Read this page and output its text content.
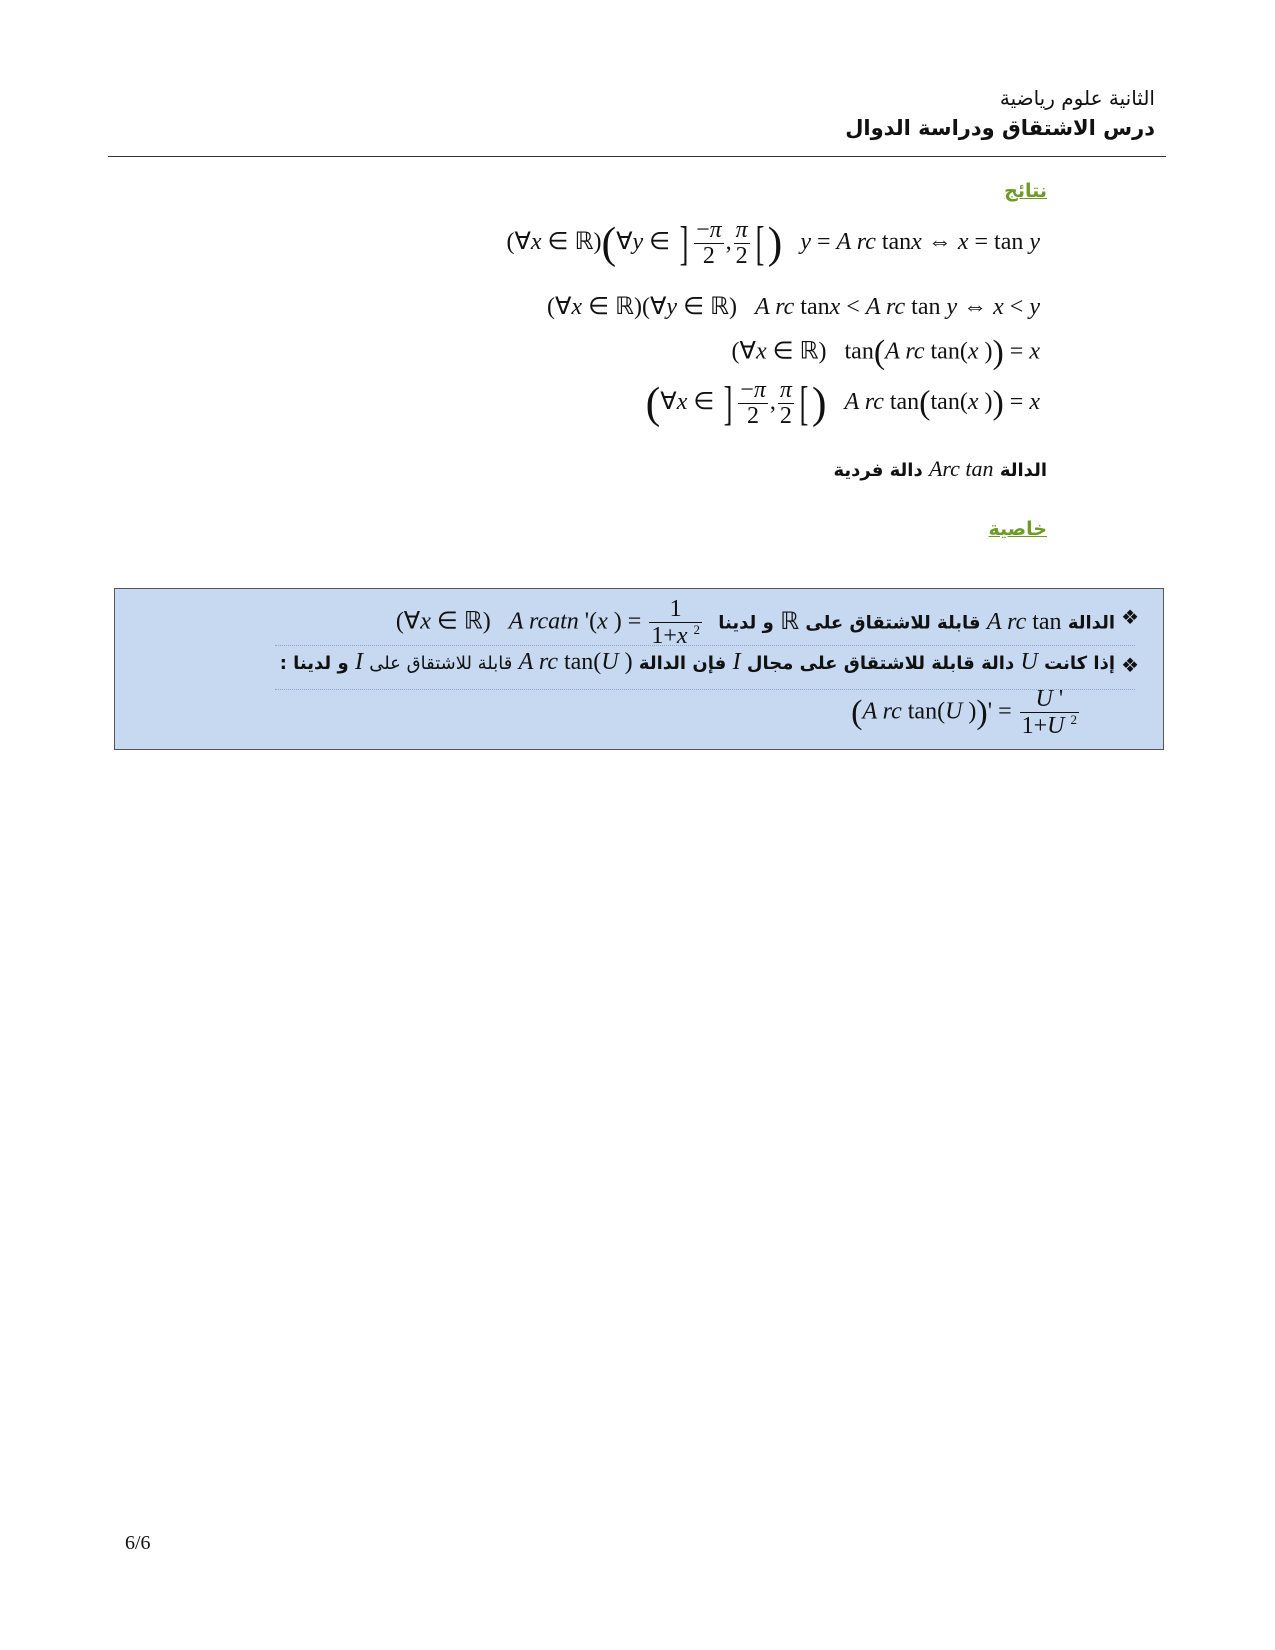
الثانية علوم رياضية
درس الاشتقاق ودراسة الدوال
نتائج
(∀x ∈ ℝ)(∀y ∈ ] $\frac{-\pi}{2}$ , $\frac{\pi}{2}$ [) y = A rc tanx ⇔ x = tan y
(∀x ∈ ℝ)(∀y ∈ ℝ)   A rc tanx < A rc tan y ⇔ x < y
(∀x ∈ ℝ)   tan(A rc tan(x )) = x
(∀x ∈ ] $\frac{-\pi}{2}$ , $\frac{\pi}{2}$ [) A rc tan(tan(x )) = x
الدالة Arc tan دالة فردية
خاصية
❖
الدالة A rc tan قابلة للاشتقاق على ℝ و لدينا (∀x ∈ ℝ)   A rcatn '(x ) = $\frac{1}{1+x ^2}$
❖
إذا كانت U دالة قابلة للاشتقاق على مجال I فإن الدالة A rc tan(U ) قابلة للاشتقاق على I و لدينا :
(A rc tan(U ))' = $\frac{U '}{1+U ^2}$
6/6
